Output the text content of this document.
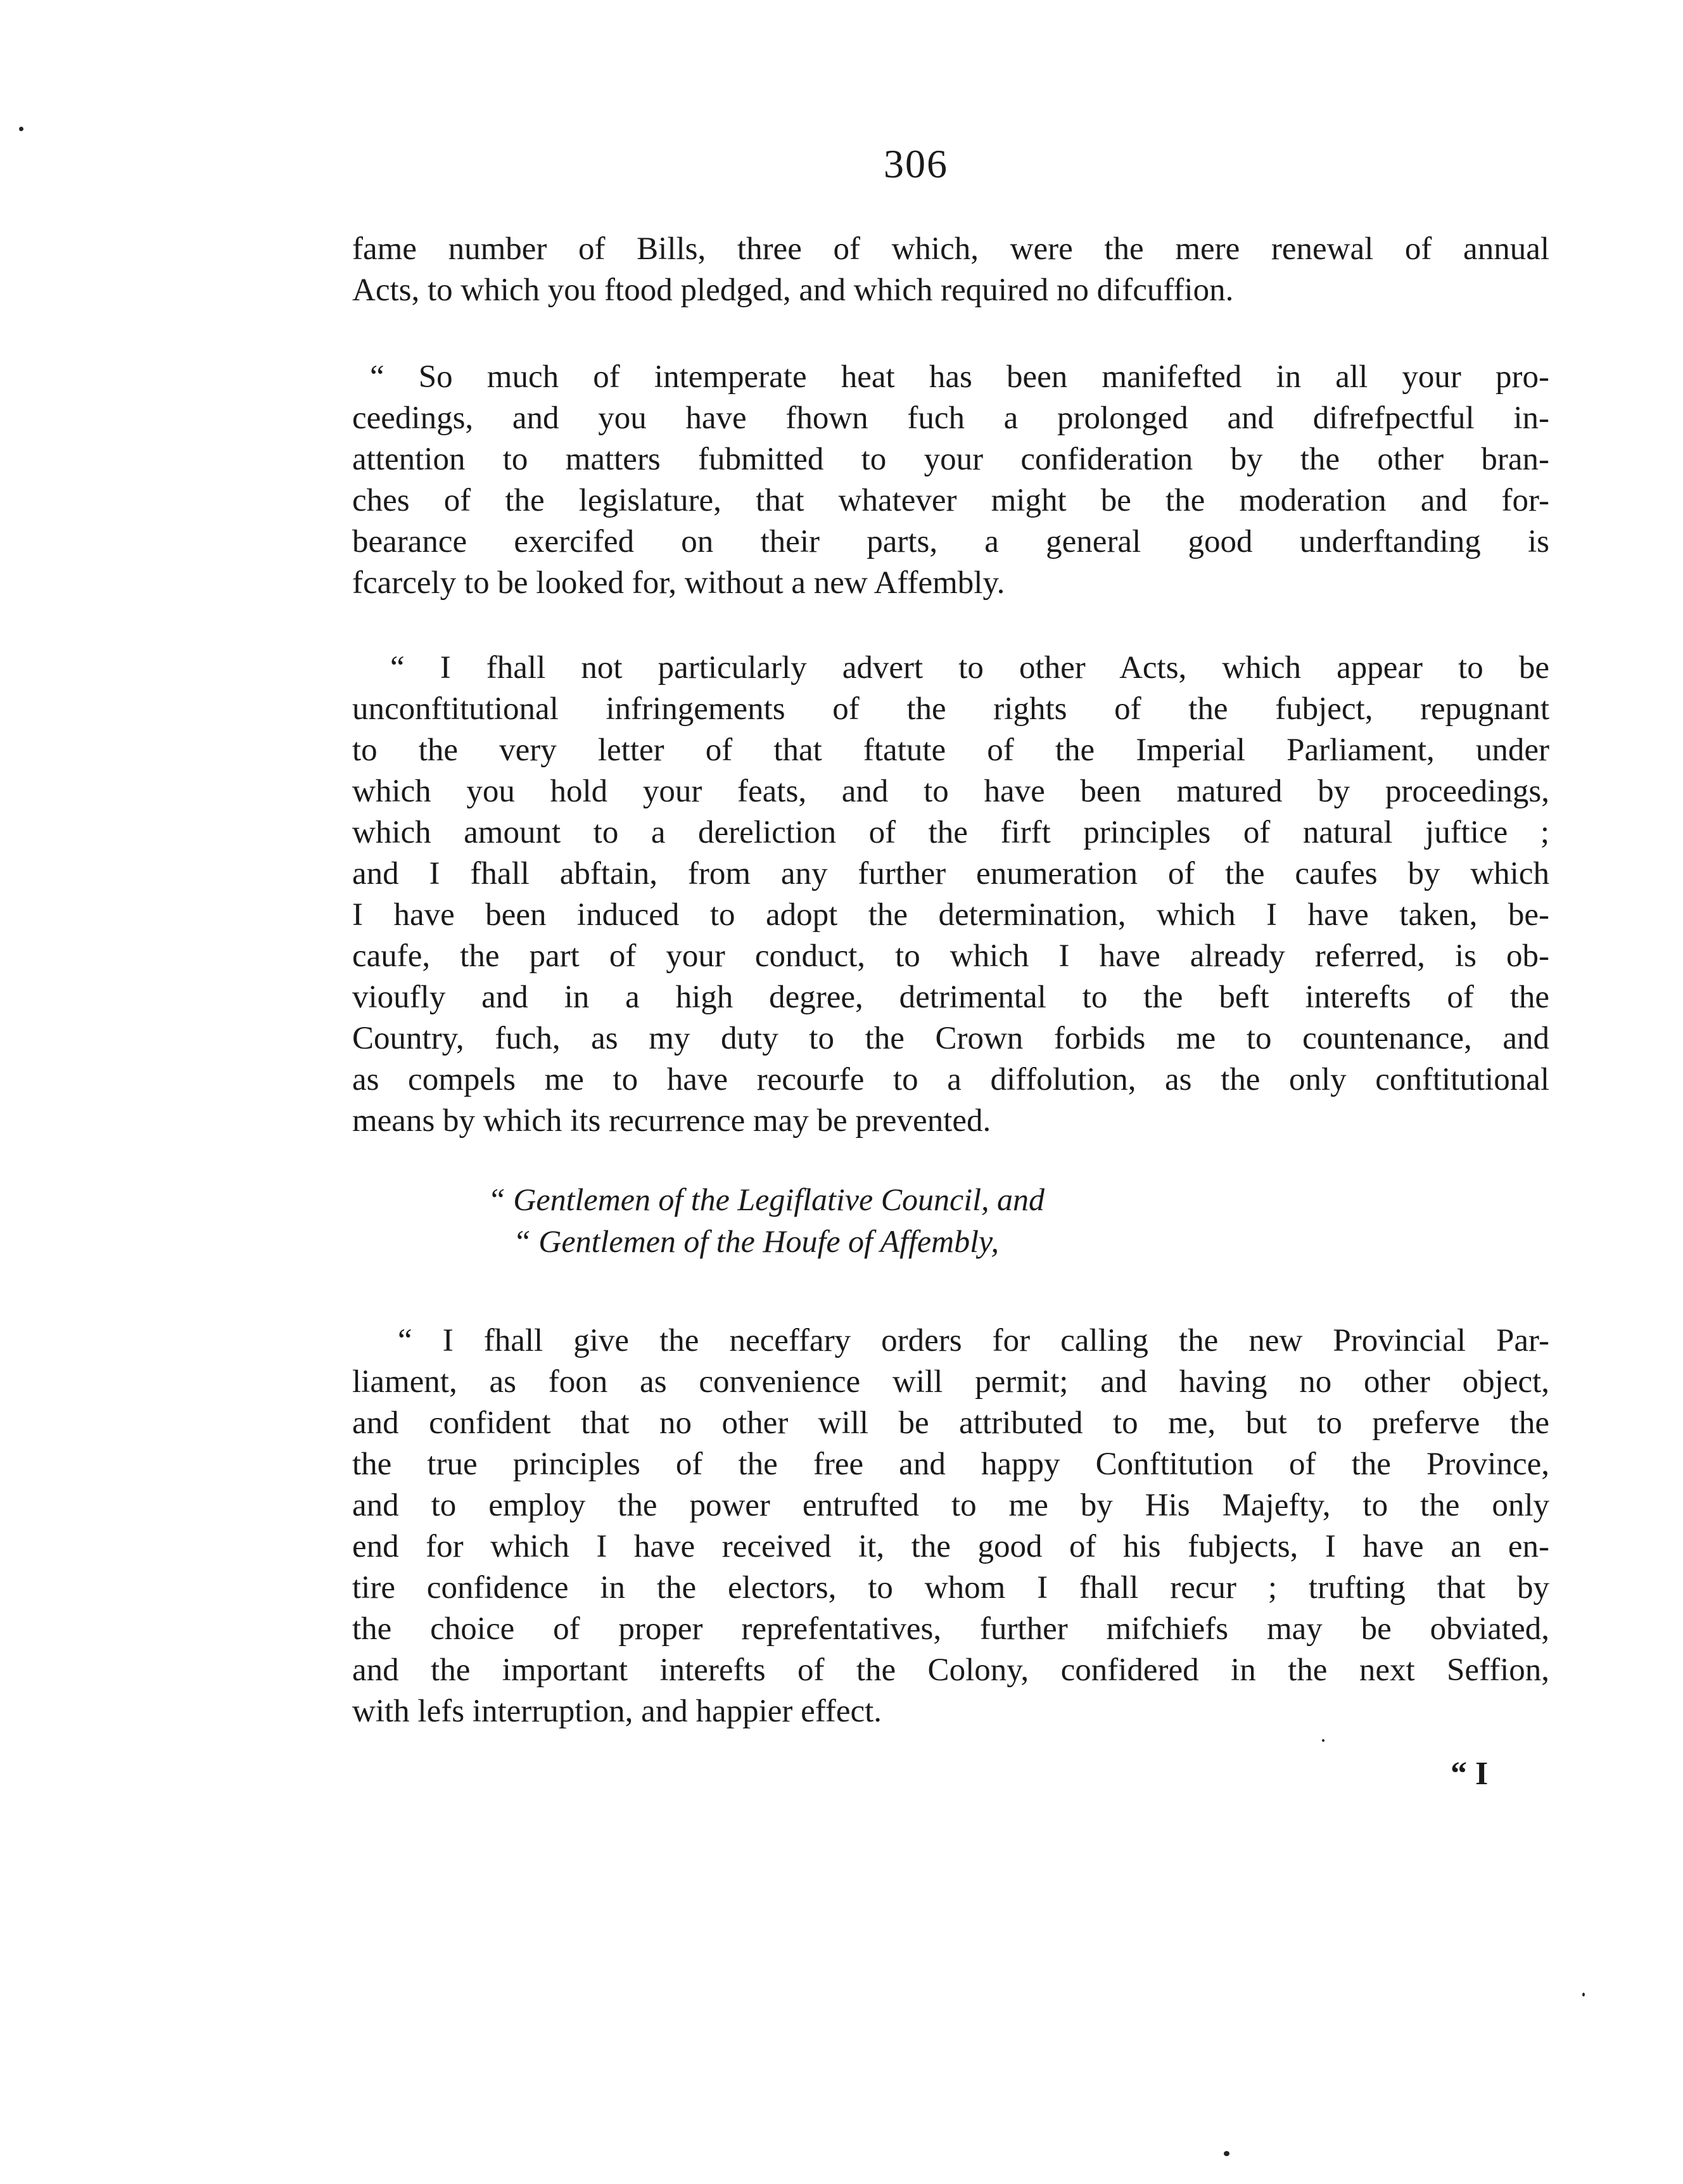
306
fame number of Bills, three of which, were the mere renewal of annual
Acts, to which you ftood pledged, and which required no difcuffion.
“ So much of intemperate heat has been manifefted in all your pro-
ceedings, and you have fhown fuch a prolonged and difrefpectful in-
attention to matters fubmitted to your confideration by the other bran-
ches of the legislature, that whatever might be the moderation and for-
bearance exercifed on their parts, a general good underftanding is
fcarcely to be looked for, without a new Affembly.
“ I fhall not particularly advert to other Acts, which appear to be
unconftitutional infringements of the rights of the fubject, repugnant
to the very letter of that ftatute of the Imperial Parliament, under
which you hold your feats, and to have been matured by proceedings,
which amount to a dereliction of the firft principles of natural juftice ;
and I fhall abftain, from any further enumeration of the caufes by which
I have been induced to adopt the determination, which I have taken, be-
caufe, the part of your conduct, to which I have already referred, is ob-
vioufly and in a high degree, detrimental to the beft interefts of the
Country, fuch, as my duty to the Crown forbids me to countenance, and
as compels me to have recourfe to a diffolution, as the only conftitutional
means by which its recurrence may be prevented.
“ Gentlemen of the Legiflative Council, and
“ Gentlemen of the Houfe of Affembly,
“ I fhall give the neceffary orders for calling the new Provincial Par-
liament, as foon as convenience will permit; and having no other object,
and confident that no other will be attributed to me, but to preferve the
the true principles of the free and happy Conftitution of the Province,
and to employ the power entrufted to me by His Majefty, to the only
end for which I have received it, the good of his fubjects, I have an en-
tire confidence in the electors, to whom I fhall recur ; trufting that by
the choice of proper reprefentatives, further mifchiefs may be obviated,
and the important interefts of the Colony, confidered in the next Seffion,
with lefs interruption, and happier effect.
“ I
